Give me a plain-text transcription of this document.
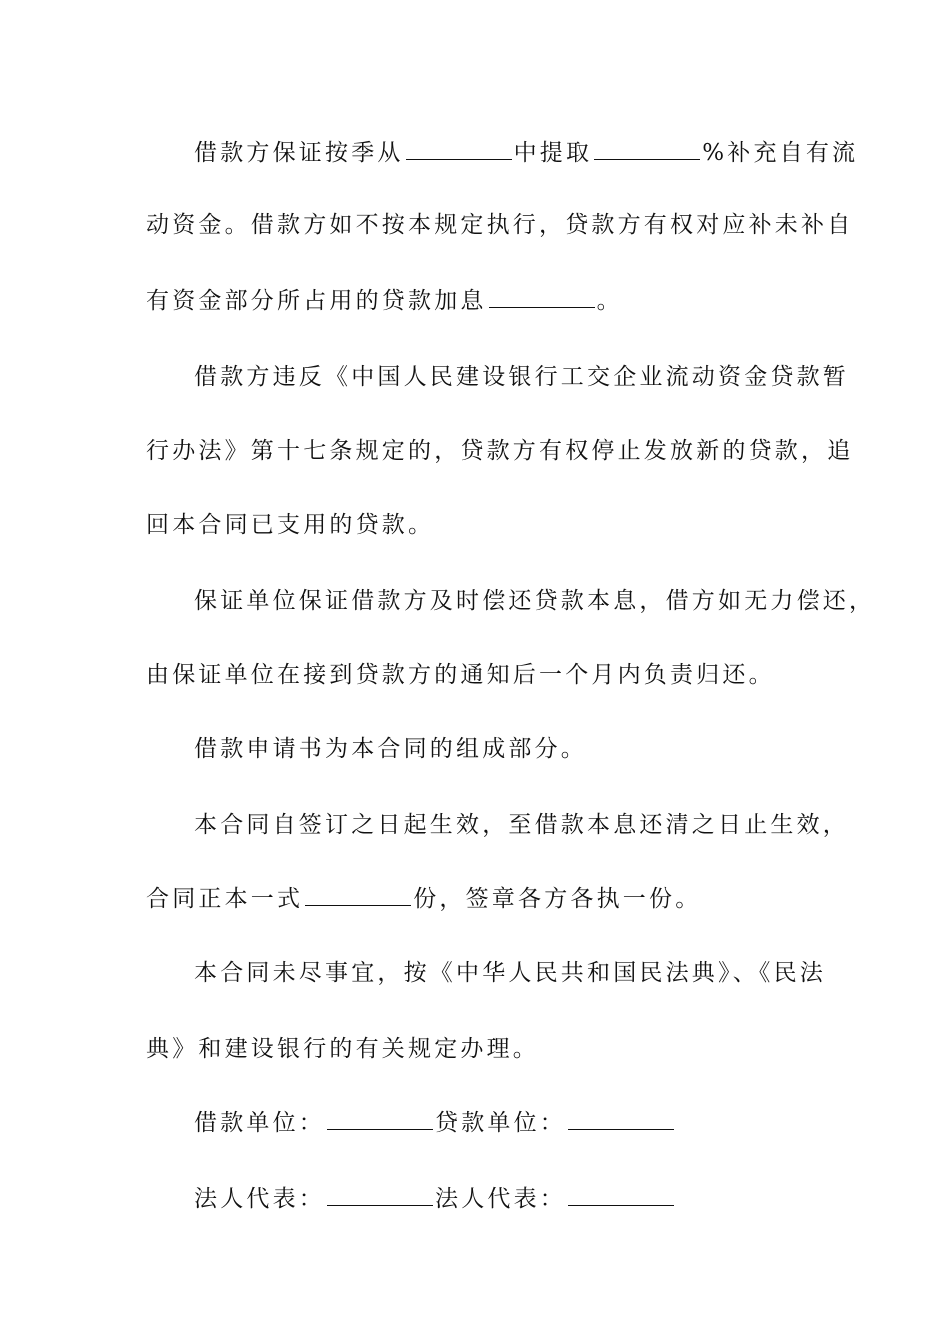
借款方保证按季从	中提取	%补充自有流
动资金。借款方如不按本规定执行，贷款方有权对应补未补自
有资金部分所占用的贷款加息	。
借款方违反《中国人民建设银行工交企业流动资金贷款暂
行办法》第十七条规定的，贷款方有权停止发放新的贷款，追
回本合同已支用的贷款。
保证单位保证借款方及时偿还贷款本息，借方如无力偿还，
由保证单位在接到贷款方的通知后一个月内负责归还。
借款申请书为本合同的组成部分。
本合同自签订之日起生效，至借款本息还清之日止生效，
合同正本一式	份，签章各方各执一份。
本合同未尽事宜，按《中华人民共和国民法典》、《民法
典》和建设银行的有关规定办理。
借款单位：	贷款单位：
法人代表：	法人代表：
